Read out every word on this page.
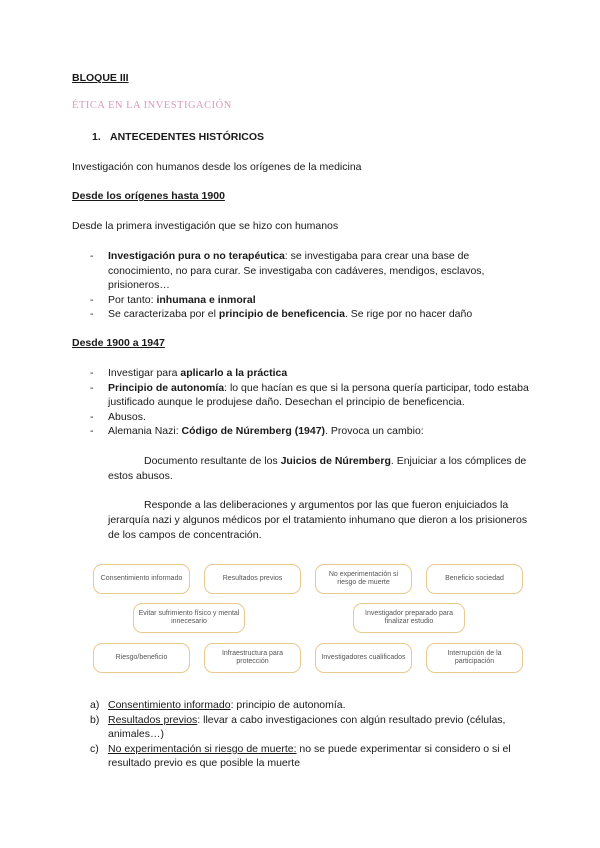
BLOQUE III
ÉTICA EN LA INVESTIGACIÓN
1. ANTECEDENTES HISTÓRICOS
Investigación con humanos desde los orígenes de la medicina
Desde los orígenes hasta 1900
Desde la primera investigación que se hizo con humanos
- Investigación pura o no terapéutica: se investigaba para crear una base de conocimiento, no para curar. Se investigaba con cadáveres, mendigos, esclavos, prisioneros…
- Por tanto: inhumana e inmoral
- Se caracterizaba por el principio de beneficencia. Se rige por no hacer daño
Desde 1900 a 1947
- Investigar para aplicarlo a la práctica
- Principio de autonomía: lo que hacían es que si la persona quería participar, todo estaba justificado aunque le produjese daño. Desechan el principio de beneficencia.
- Abusos.
- Alemania Nazi: Código de Núremberg (1947). Provoca un cambio:
Documento resultante de los Juicios de Núremberg. Enjuiciar a los cómplices de estos abusos.
Responde a las deliberaciones y argumentos por las que fueron enjuiciados la jerarquía nazi y algunos médicos por el tratamiento inhumano que dieron a los prisioneros de los campos de concentración.
Consentimiento informado	Resultados previos
No experimentación si riesgo de muerte
Beneficio sociedad
Evitar sufrimiento físico y mental innecesario
Investigador preparado para finalizar estudio
Riesgo/beneficio
Infraestructura para protección
Investigadores cualificados
Interrupción de la participación
a) Consentimiento informado: principio de autonomía.
b) Resultados previos: llevar a cabo investigaciones con algún resultado previo (células, animales…)
c) No experimentación si riesgo de muerte: no se puede experimentar si considero o si el resultado previo es que posible la muerte
